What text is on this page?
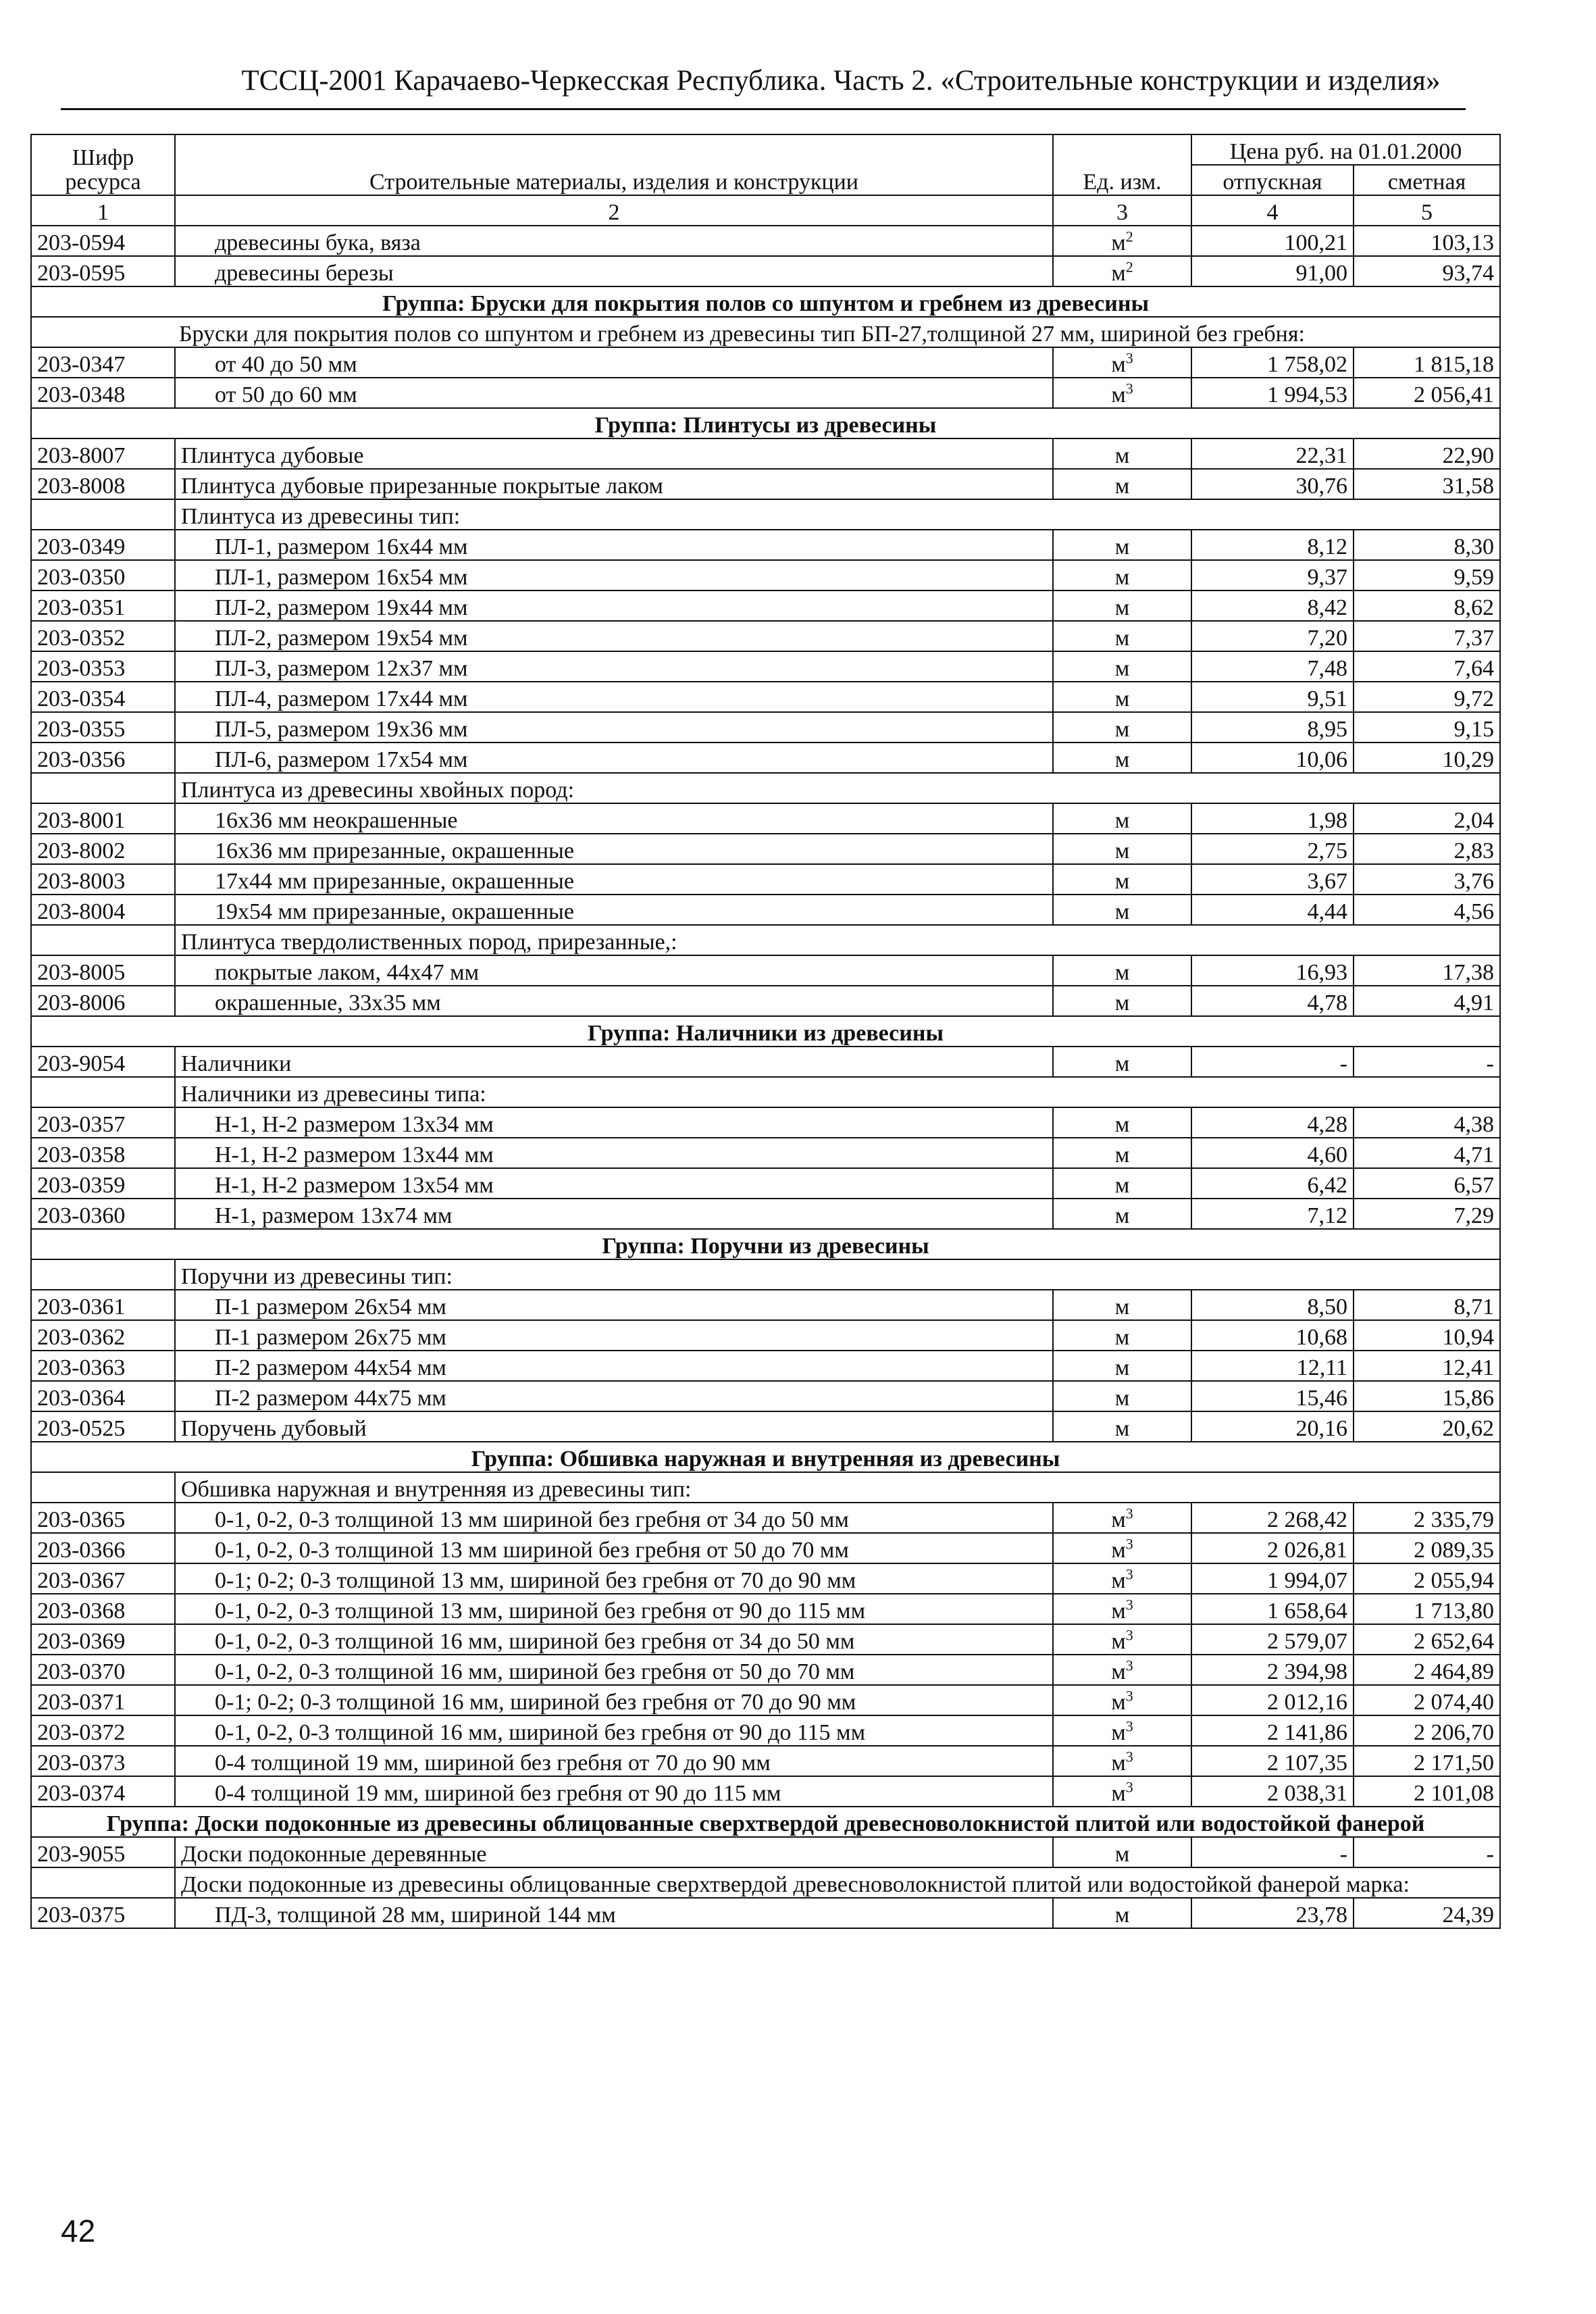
ТССЦ-2001 Карачаево-Черкесская Республика. Часть 2. «Строительные конструкции и изделия»
Шифр ресурса	Строительные материалы, изделия и конструкции	Ед. изм.	Цена руб. на 01.01.2000	
			отпускная	сметная
1	2	3	4	5
203-0594	древесины бука, вяза	$м^2$	100,21	103,13
203-0595	древесины березы	$м^2$	91,00	93,74
Группа: Бруски для покрытия полов со шпунтом и гребнем из древесины				
Бруски для покрытия полов со шпунтом и гребнем из древесины тип БП-27,толщиной 27 мм, шириной без гребня:				
203-0347	от 40 до 50 мм	$м^3$	1 758,02	1 815,18
203-0348	от 50 до 60 мм	$м^3$	1 994,53	2 056,41
Группа: Плинтусы из древесины				
203-8007	Плинтуса дубовые	м	22,31	22,90
203-8008	Плинтуса дубовые прирезанные покрытые лаком	м	30,76	31,58
	Плинтуса из древесины тип:			
203-0349	ПЛ-1, размером 16х44 мм	м	8,12	8,30
203-0350	ПЛ-1, размером 16х54 мм	м	9,37	9,59
203-0351	ПЛ-2, размером 19х44 мм	м	8,42	8,62
203-0352	ПЛ-2, размером 19х54 мм	м	7,20	7,37
203-0353	ПЛ-3, размером 12х37 мм	м	7,48	7,64
203-0354	ПЛ-4, размером 17х44 мм	м	9,51	9,72
203-0355	ПЛ-5, размером 19х36 мм	м	8,95	9,15
203-0356	ПЛ-6, размером 17х54 мм	м	10,06	10,29
	Плинтуса из древесины хвойных пород:			
203-8001	16х36 мм неокрашенные	м	1,98	2,04
203-8002	16х36 мм прирезанные, окрашенные	м	2,75	2,83
203-8003	17х44 мм прирезанные, окрашенные	м	3,67	3,76
203-8004	19х54 мм прирезанные, окрашенные	м	4,44	4,56
	Плинтуса твердолиственных пород, прирезанные,:			
203-8005	покрытые лаком, 44х47 мм	м	16,93	17,38
203-8006	окрашенные, 33х35 мм	м	4,78	4,91
Группа: Наличники из древесины				
203-9054	Наличники	м	-	-
	Наличники из древесины типа:			
203-0357	Н-1, Н-2 размером 13х34 мм	м	4,28	4,38
203-0358	Н-1, Н-2 размером 13х44 мм	м	4,60	4,71
203-0359	Н-1, Н-2 размером 13х54 мм	м	6,42	6,57
203-0360	Н-1, размером 13х74 мм	м	7,12	7,29
Группа: Поручни из древесины				
	Поручни из древесины тип:			
203-0361	П-1 размером 26х54 мм	м	8,50	8,71
203-0362	П-1 размером 26х75 мм	м	10,68	10,94
203-0363	П-2 размером 44х54 мм	м	12,11	12,41
203-0364	П-2 размером 44х75 мм	м	15,46	15,86
203-0525	Поручень дубовый	м	20,16	20,62
Группа: Обшивка наружная и внутренняя из древесины				
	Обшивка наружная и внутренняя из древесины тип:			
203-0365	0-1, 0-2, 0-3 толщиной 13 мм шириной без гребня от 34 до 50 мм	$м^3$	2 268,42	2 335,79
203-0366	0-1, 0-2, 0-3 толщиной 13 мм шириной без гребня от 50 до 70 мм	$м^3$	2 026,81	2 089,35
203-0367	0-1; 0-2; 0-3 толщиной 13 мм, шириной без гребня от 70 до 90 мм	$м^3$	1 994,07	2 055,94
203-0368	0-1, 0-2, 0-3 толщиной 13 мм, шириной без гребня от 90 до 115 мм	$м^3$	1 658,64	1 713,80
203-0369	0-1, 0-2, 0-3 толщиной 16 мм, шириной без гребня от 34 до 50 мм	$м^3$	2 579,07	2 652,64
203-0370	0-1, 0-2, 0-3 толщиной 16 мм, шириной без гребня от 50 до 70 мм	$м^3$	2 394,98	2 464,89
203-0371	0-1; 0-2; 0-3 толщиной 16 мм, шириной без гребня от 70 до 90 мм	$м^3$	2 012,16	2 074,40
203-0372	0-1, 0-2, 0-3 толщиной 16 мм, шириной без гребня от 90 до 115 мм	$м^3$	2 141,86	2 206,70
203-0373	0-4 толщиной 19 мм, шириной без гребня от 70 до 90 мм	$м^3$	2 107,35	2 171,50
203-0374	0-4 толщиной 19 мм, шириной без гребня от 90 до 115 мм	$м^3$	2 038,31	2 101,08
Группа: Доски подоконные из древесины облицованные сверхтвердой древесноволокнистой плитой или водостойкой фанерой				
203-9055	Доски подоконные деревянные	м	-	-
	Доски подоконные из древесины облицованные сверхтвердой древесноволокнистой плитой или водостойкой фанерой марка:			
203-0375	ПД-3, толщиной 28 мм, шириной 144 мм	м	23,78	24,39
42
